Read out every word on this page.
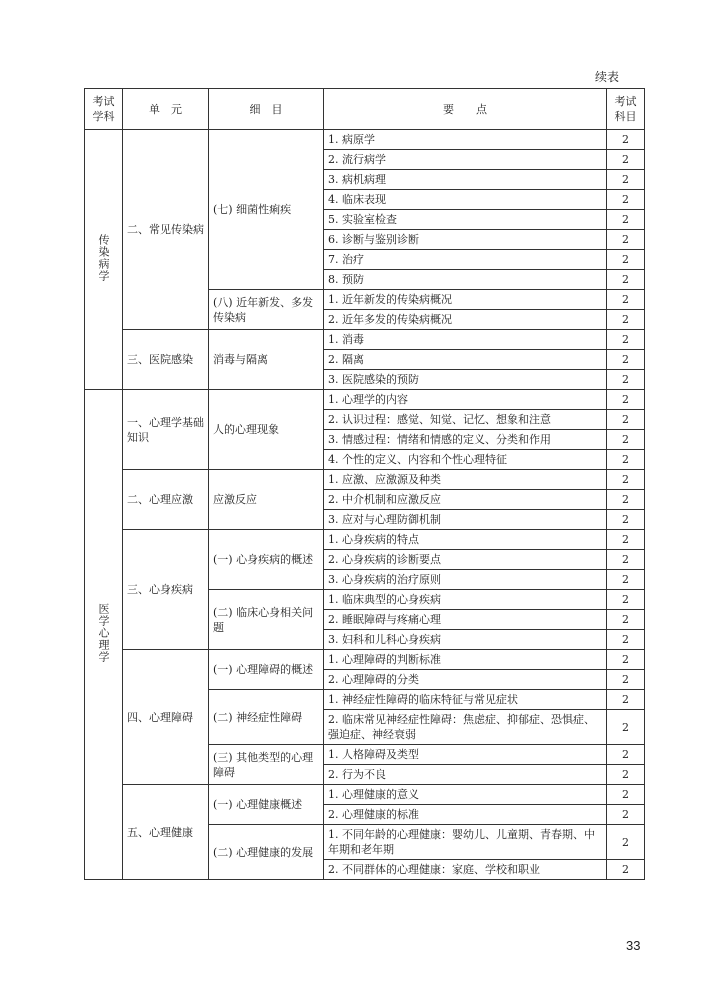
续表
考试学科	单　元	细　目	要　　点	考试科目
传染病学	二、常见传染病	(七) 细菌性痢疾	1. 病原学	2
			2. 流行病学	2
			3. 病机病理	2
			4. 临床表现	2
			5. 实验室检查	2
			6. 诊断与鉴别诊断	2
			7. 治疗	2
			8. 预防	2
		(八) 近年新发、多发传染病	1. 近年新发的传染病概况	2
			2. 近年多发的传染病概况	2
	三、医院感染	消毒与隔离	1. 消毒	2
			2. 隔离	2
			3. 医院感染的预防	2
医学心理学	一、心理学基础知识	人的心理现象	1. 心理学的内容	2
			2. 认识过程：感觉、知觉、记忆、想象和注意	2
			3. 情感过程：情绪和情感的定义、分类和作用	2
			4. 个性的定义、内容和个性心理特征	2
	二、心理应激	应激反应	1. 应激、应激源及种类	2
			2. 中介机制和应激反应	2
			3. 应对与心理防御机制	2
	三、心身疾病	(一) 心身疾病的概述	1. 心身疾病的特点	2
			2. 心身疾病的诊断要点	2
			3. 心身疾病的治疗原则	2
		(二) 临床心身相关问题	1. 临床典型的心身疾病	2
			2. 睡眠障碍与疼痛心理	2
			3. 妇科和儿科心身疾病	2
	四、心理障碍	(一) 心理障碍的概述	1. 心理障碍的判断标准	2
			2. 心理障碍的分类	2
		(二) 神经症性障碍	1. 神经症性障碍的临床特征与常见症状	2
			2. 临床常见神经症性障碍：焦虑症、抑郁症、恐惧症、强迫症、神经衰弱	2
		(三) 其他类型的心理障碍	1. 人格障碍及类型	2
			2. 行为不良	2
	五、心理健康	(一) 心理健康概述	1. 心理健康的意义	2
			2. 心理健康的标准	2
		(二) 心理健康的发展	1. 不同年龄的心理健康：婴幼儿、儿童期、青春期、中年期和老年期	2
			2. 不同群体的心理健康：家庭、学校和职业	2
33
